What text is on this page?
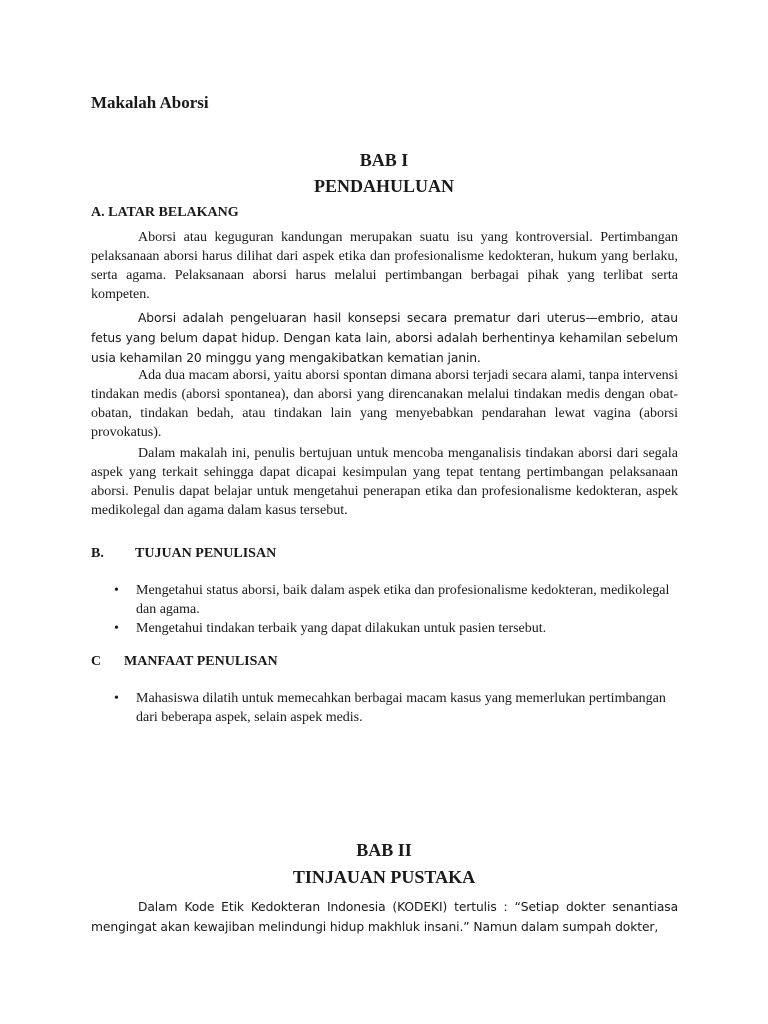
Makalah Aborsi
BAB I
PENDAHULUAN
A. LATAR BELAKANG

Aborsi atau keguguran kandungan merupakan suatu isu yang kontroversial. Pertimbangan pelaksanaan aborsi harus dilihat dari aspek etika dan profesionalisme kedokteran, hukum yang berlaku, serta agama. Pelaksanaan aborsi harus melalui pertimbangan berbagai pihak yang terlibat serta kompeten.

Aborsi adalah pengeluaran hasil konsepsi secara prematur dari uterus—embrio, atau fetus yang belum dapat hidup. Dengan kata lain, aborsi adalah berhentinya kehamilan sebelum usia kehamilan 20 minggu yang mengakibatkan kematian janin.

Ada dua macam aborsi, yaitu aborsi spontan dimana aborsi terjadi secara alami, tanpa intervensi tindakan medis (aborsi spontanea), dan aborsi yang direncanakan melalui tindakan medis dengan obat-obatan, tindakan bedah, atau tindakan lain yang menyebabkan pendarahan lewat vagina (aborsi provokatus).

Dalam makalah ini, penulis bertujuan untuk mencoba menganalisis tindakan aborsi dari segala aspek yang terkait sehingga dapat dicapai kesimpulan yang tepat tentang pertimbangan pelaksanaan aborsi. Penulis dapat belajar untuk mengetahui penerapan etika dan profesionalisme kedokteran, aspek medikolegal dan agama dalam kasus tersebut.

B. TUJUAN PENULISAN
• Mengetahui status aborsi, baik dalam aspek etika dan profesionalisme kedokteran, medikolegal dan agama.
• Mengetahui tindakan terbaik yang dapat dilakukan untuk pasien tersebut.
C MANFAAT PENULISAN
• Mahasiswa dilatih untuk memecahkan berbagai macam kasus yang memerlukan pertimbangan dari beberapa aspek, selain aspek medis.
BAB II
TINJAUAN PUSTAKA

Dalam Kode Etik Kedokteran Indonesia (KODEKI) tertulis : “Setiap dokter senantiasa mengingat akan kewajiban melindungi hidup makhluk insani.” Namun dalam sumpah dokter,
